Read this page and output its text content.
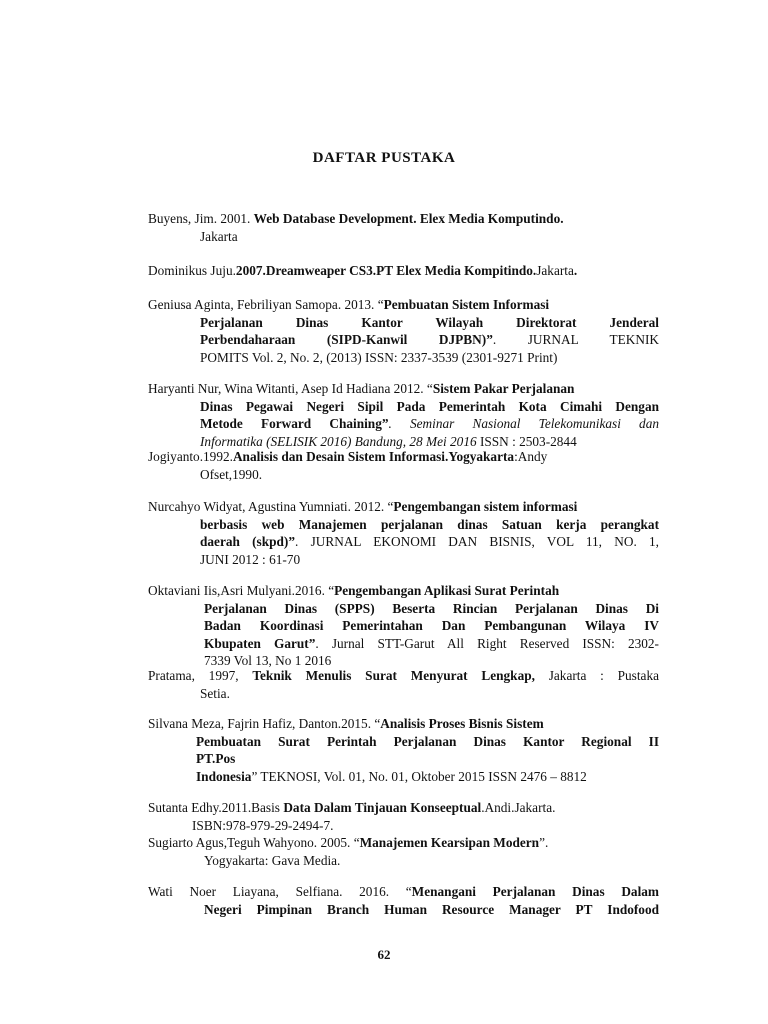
DAFTAR PUSTAKA
Buyens, Jim. 2001. Web Database Development. Elex Media Komputindo.
Jakarta
Dominikus Juju.2007.Dreamweaper CS3.PT Elex Media Kompitindo.Jakarta.
Geniusa Aginta, Febriliyan Samopa. 2013. “Pembuatan Sistem Informasi
Perjalanan Dinas Kantor Wilayah Direktorat Jenderal
Perbendaharaan (SIPD-Kanwil DJPBN)”. JURNAL TEKNIK
POMITS Vol. 2, No. 2, (2013) ISSN: 2337-3539 (2301-9271 Print)
Haryanti Nur, Wina Witanti, Asep Id Hadiana 2012. “Sistem Pakar Perjalanan
Dinas Pegawai Negeri Sipil Pada Pemerintah Kota Cimahi Dengan
Metode Forward Chaining”. Seminar Nasional Telekomunikasi dan
Informatika (SELISIK 2016) Bandung, 28 Mei 2016 ISSN : 2503-2844
Jogiyanto.1992.Analisis dan Desain Sistem Informasi.Yogyakarta:Andy
Ofset,1990.
Nurcahyo Widyat, Agustina Yumniati. 2012. “Pengembangan sistem informasi
berbasis web Manajemen perjalanan dinas Satuan kerja perangkat
daerah (skpd)”. JURNAL EKONOMI DAN BISNIS, VOL 11, NO. 1,
JUNI 2012 : 61-70
Oktaviani Iis,Asri Mulyani.2016. “Pengembangan Aplikasi Surat Perintah
Perjalanan Dinas (SPPS) Beserta Rincian Perjalanan Dinas Di
Badan Koordinasi Pemerintahan Dan Pembangunan Wilaya IV
Kbupaten Garut”. Jurnal STT-Garut All Right Reserved ISSN: 2302-
7339 Vol 13, No 1 2016
Pratama, 1997, Teknik Menulis Surat Menyurat Lengkap, Jakarta : Pustaka
Setia.
Silvana Meza, Fajrin Hafiz, Danton.2015. “Analisis Proses Bisnis Sistem
Pembuatan Surat Perintah Perjalanan Dinas Kantor Regional II
PT.Pos
Indonesia” TEKNOSI, Vol. 01, No. 01, Oktober 2015 ISSN 2476 – 8812
Sutanta Edhy.2011.Basis Data Dalam Tinjauan Konseeptual.Andi.Jakarta.
ISBN:978-979-29-2494-7.
Sugiarto Agus,Teguh Wahyono. 2005. “Manajemen Kearsipan Modern”.
Yogyakarta: Gava Media.
Wati Noer Liayana, Selfiana. 2016. “Menangani Perjalanan Dinas Dalam
Negeri Pimpinan Branch Human Resource Manager PT Indofood
62
